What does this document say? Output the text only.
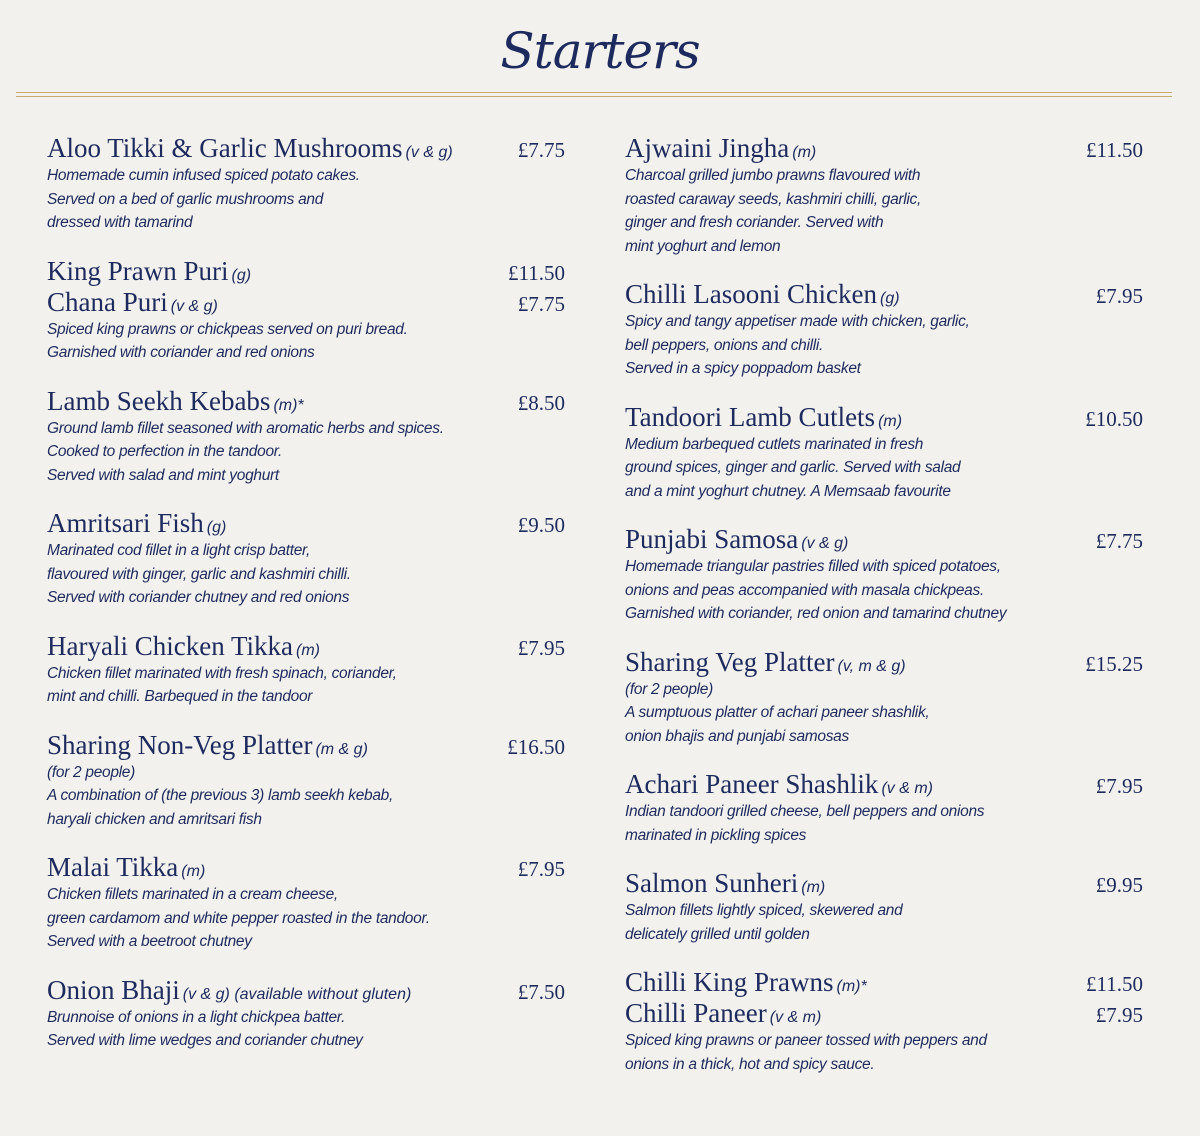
Starters
Aloo Tikki & Garlic Mushrooms (v & g)	£7.75
Homemade cumin infused spiced potato cakes.
Served on a bed of garlic mushrooms and
dressed with tamarind
King Prawn Puri (g)	£11.50
Chana Puri (v & g)	£7.75
Spiced king prawns or chickpeas served on puri bread.
Garnished with coriander and red onions
Lamb Seekh Kebabs (m)*	£8.50
Ground lamb fillet seasoned with aromatic herbs and spices.
Cooked to perfection in the tandoor.
Served with salad and mint yoghurt
Amritsari Fish (g)	£9.50
Marinated cod fillet in a light crisp batter,
flavoured with ginger, garlic and kashmiri chilli.
Served with coriander chutney and red onions
Haryali Chicken Tikka (m)	£7.95
Chicken fillet marinated with fresh spinach, coriander,
mint and chilli. Barbequed in the tandoor
Sharing Non-Veg Platter (m & g)	£16.50
(for 2 people)
A combination of (the previous 3) lamb seekh kebab,
haryali chicken and amritsari fish
Malai Tikka (m)	£7.95
Chicken fillets marinated in a cream cheese,
green cardamom and white pepper roasted in the tandoor.
Served with a beetroot chutney
Onion Bhaji (v & g) (available without gluten)	£7.50
Brunnoise of onions in a light chickpea batter.
Served with lime wedges and coriander chutney
Ajwaini Jingha (m)	£11.50
Charcoal grilled jumbo prawns flavoured with
roasted caraway seeds, kashmiri chilli, garlic,
ginger and fresh coriander. Served with
mint yoghurt and lemon
Chilli Lasooni Chicken (g)	£7.95
Spicy and tangy appetiser made with chicken, garlic,
bell peppers, onions and chilli.
Served in a spicy poppadom basket
Tandoori Lamb Cutlets (m)	£10.50
Medium barbequed cutlets marinated in fresh
ground spices, ginger and garlic. Served with salad
and a mint yoghurt chutney. A Memsaab favourite
Punjabi Samosa (v & g)	£7.75
Homemade triangular pastries filled with spiced potatoes,
onions and peas accompanied with masala chickpeas.
Garnished with coriander, red onion and tamarind chutney
Sharing Veg Platter (v, m & g)	£15.25
(for 2 people)
A sumptuous platter of achari paneer shashlik,
onion bhajis and punjabi samosas
Achari Paneer Shashlik (v & m)	£7.95
Indian tandoori grilled cheese, bell peppers and onions
marinated in pickling spices
Salmon Sunheri (m)	£9.95
Salmon fillets lightly spiced, skewered and
delicately grilled until golden
Chilli King Prawns (m)*	£11.50
Chilli Paneer (v & m)	£7.95
Spiced king prawns or paneer tossed with peppers and
onions in a thick, hot and spicy sauce.
